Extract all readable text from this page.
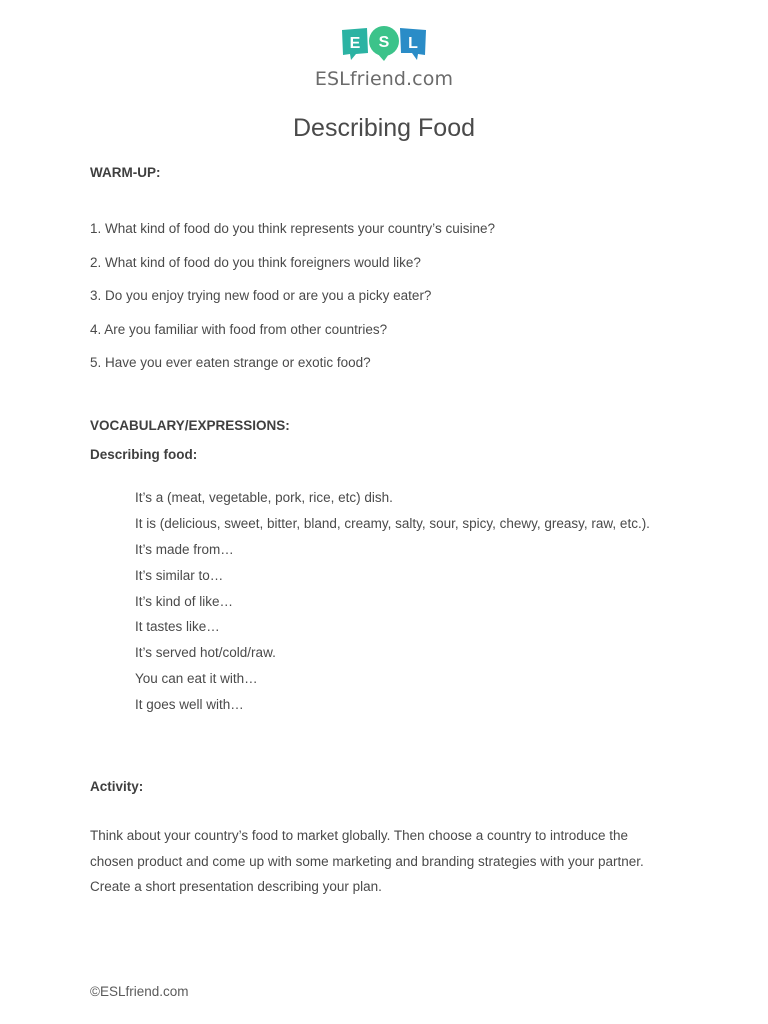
E S L
ESLfriend.com
Describing Food
WARM-UP:
1. What kind of food do you think represents your country’s cuisine?
2. What kind of food do you think foreigners would like?
3. Do you enjoy trying new food or are you a picky eater?
4. Are you familiar with food from other countries?
5. Have you ever eaten strange or exotic food?
VOCABULARY/EXPRESSIONS:
Describing food:
It’s a (meat, vegetable, pork, rice, etc) dish.
It is (delicious, sweet, bitter, bland, creamy, salty, sour, spicy, chewy, greasy, raw, etc.).
It’s made from…
It’s similar to…
It’s kind of like…
It tastes like…
It’s served hot/cold/raw.
You can eat it with…
It goes well with…
Activity:
Think about your country’s food to market globally. Then choose a country to introduce the
chosen product and come up with some marketing and branding strategies with your partner.
Create a short presentation describing your plan.
©ESLfriend.com
